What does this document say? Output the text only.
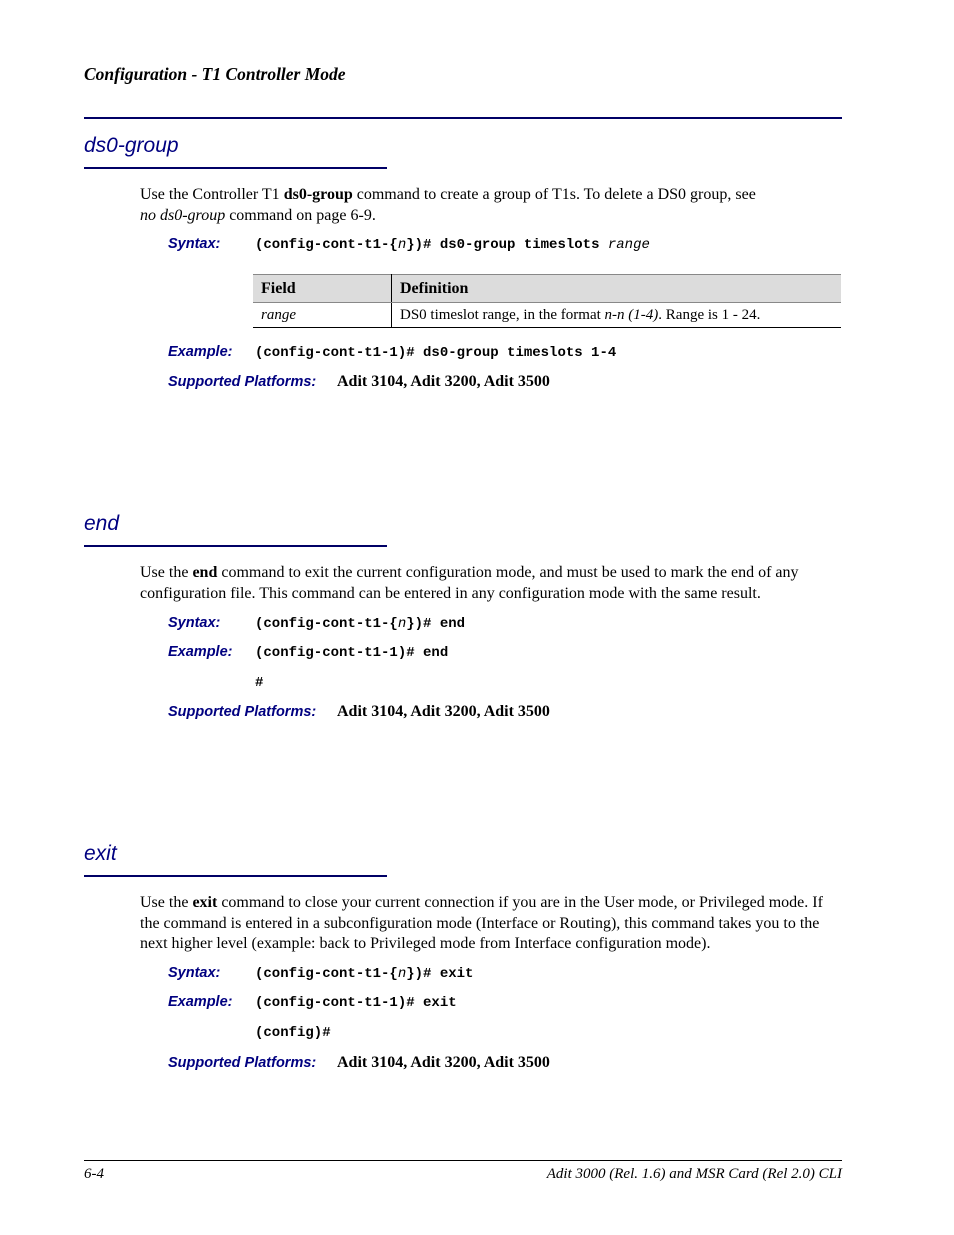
Configuration - T1 Controller Mode
ds0-group
Use the Controller T1 ds0-group command to create a group of T1s. To delete a DS0 group, see
no ds0-group command on page 6-9.
Syntax: (config-cont-t1-{n})# ds0-group timeslots range
Field	Definition
range	DS0 timeslot range, in the format n-n (1-4). Range is 1 - 24.
Example: (config-cont-t1-1)# ds0-group timeslots 1-4
Supported Platforms: Adit 3104, Adit 3200, Adit 3500
end
Use the end command to exit the current configuration mode, and must be used to mark the end of any configuration file. This command can be entered in any configuration mode with the same result.
Syntax: (config-cont-t1-{n})# end
Example: (config-cont-t1-1)# end
#
Supported Platforms: Adit 3104, Adit 3200, Adit 3500
exit
Use the exit command to close your current connection if you are in the User mode, or Privileged mode. If the command is entered in a subconfiguration mode (Interface or Routing), this command takes you to the next higher level (example: back to Privileged mode from Interface configuration mode).
Syntax: (config-cont-t1-{n})# exit
Example: (config-cont-t1-1)# exit
(config)#
Supported Platforms: Adit 3104, Adit 3200, Adit 3500
6-4	Adit 3000 (Rel. 1.6) and MSR Card (Rel 2.0) CLI
